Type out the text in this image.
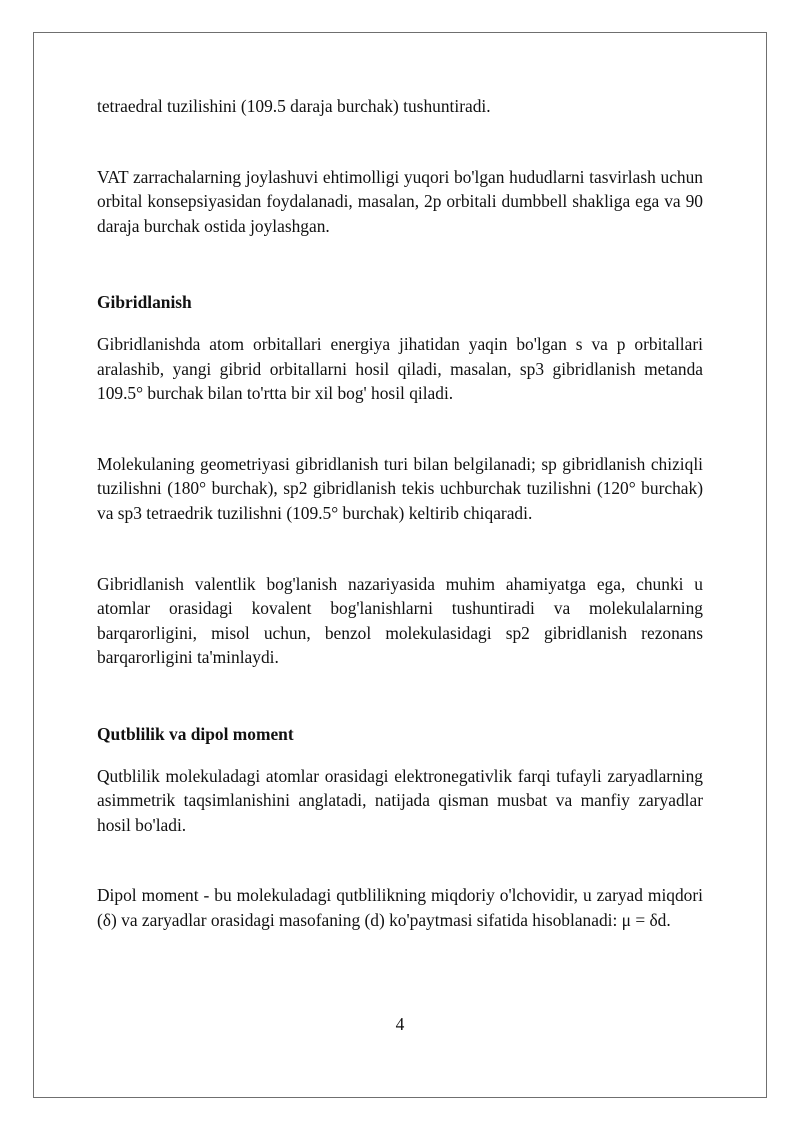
tetraedral tuzilishini (109.5 daraja burchak) tushuntiradi.

VAT zarrachalarning joylashuvi ehtimolligi yuqori bo'lgan hududlarni tasvirlash uchun orbital konsepsiyasidan foydalanadi, masalan, 2p orbitali dumbbell shakliga ega va 90 daraja burchak ostida joylashgan.

Gibridlanish

Gibridlanishda atom orbitallari energiya jihatidan yaqin bo'lgan s va p orbitallari aralashib, yangi gibrid orbitallarni hosil qiladi, masalan, sp3 gibridlanish metanda 109.5° burchak bilan to'rtta bir xil bog' hosil qiladi.

Molekulaning geometriyasi gibridlanish turi bilan belgilanadi; sp gibridlanish chiziqli tuzilishni (180° burchak), sp2 gibridlanish tekis uchburchak tuzilishni (120° burchak) va sp3 tetraedrik tuzilishni (109.5° burchak) keltirib chiqaradi.

Gibridlanish valentlik bog'lanish nazariyasida muhim ahamiyatga ega, chunki u atomlar orasidagi kovalent bog'lanishlarni tushuntiradi va molekulalarning barqarorligini, misol uchun, benzol molekulasidagi sp2 gibridlanish rezonans barqarorligini ta'minlaydi.

Qutblilik va dipol moment

Qutblilik molekuladagi atomlar orasidagi elektronegativlik farqi tufayli zaryadlarning asimmetrik taqsimlanishini anglatadi, natijada qisman musbat va manfiy zaryadlar hosil bo'ladi.

Dipol moment - bu molekuladagi qutblilikning miqdoriy o'lchovidir, u zaryad miqdori (δ) va zaryadlar orasidagi masofaning (d) ko'paytmasi sifatida hisoblanadi: μ = δd.

4
